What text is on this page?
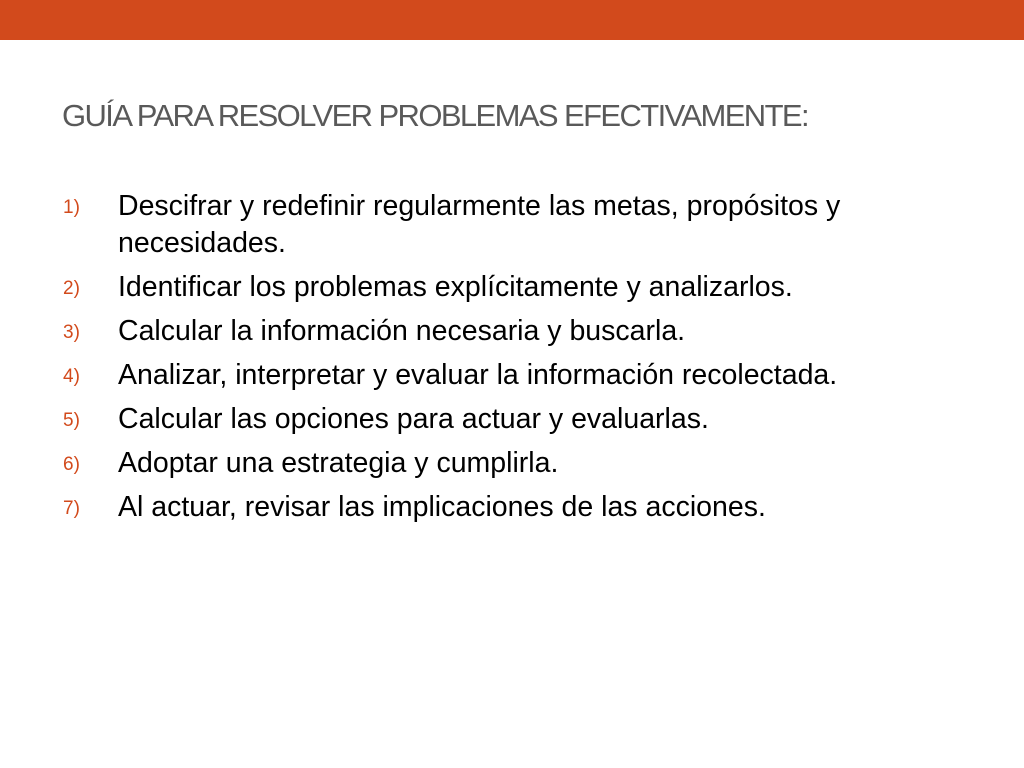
GUÍA PARA RESOLVER PROBLEMAS EFECTIVAMENTE:
1) Descifrar y redefinir regularmente las metas, propósitos y necesidades.
2) Identificar los problemas explícitamente y analizarlos.
3) Calcular la información necesaria y buscarla.
4) Analizar, interpretar y evaluar la información recolectada.
5) Calcular las opciones para actuar y evaluarlas.
6) Adoptar una estrategia y cumplirla.
7) Al actuar, revisar las implicaciones de las acciones.
